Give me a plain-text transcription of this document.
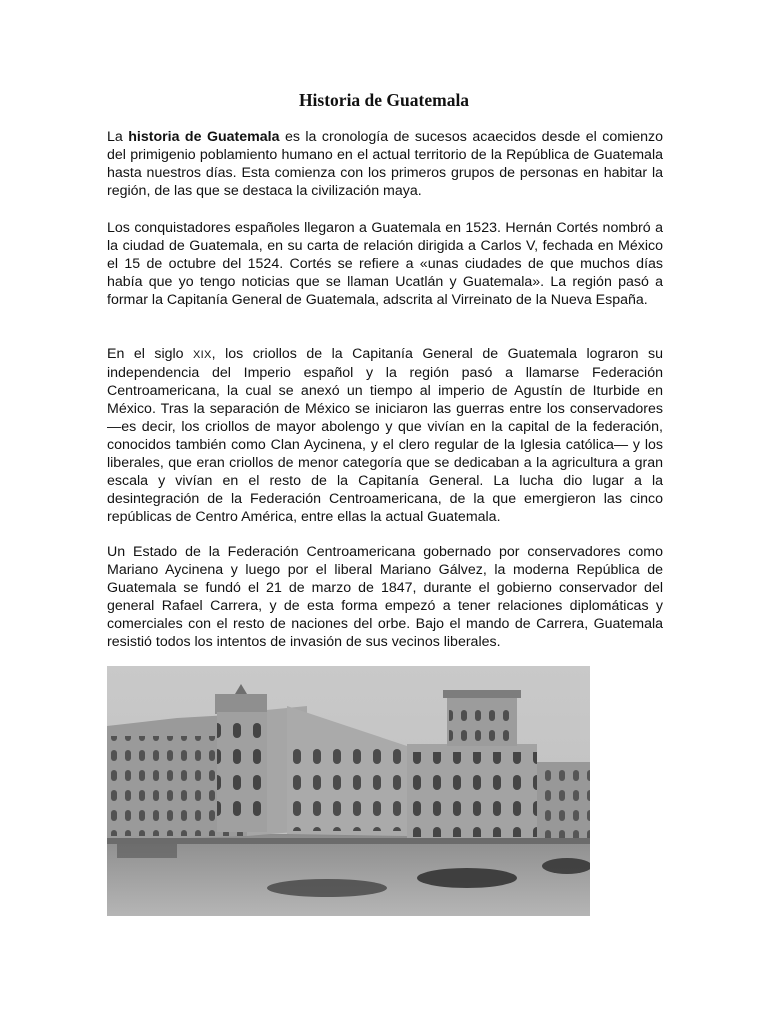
Historia de Guatemala

La historia de Guatemala es la cronología de sucesos acaecidos desde el comienzo del primigenio poblamiento humano en el actual territorio de la República de Guatemala hasta nuestros días. Esta comienza con los primeros grupos de personas en habitar la región, de las que se destaca la civilización maya.

Los conquistadores españoles llegaron a Guatemala en 1523. Hernán Cortés nombró a la ciudad de Guatemala, en su carta de relación dirigida a Carlos V, fechada en México el 15 de octubre del 1524. Cortés se refiere a «unas ciudades de que muchos días había que yo tengo noticias que se llaman Ucatlán y Guatemala». La región pasó a formar la Capitanía General de Guatemala, adscrita al Virreinato de la Nueva España.

En el siglo XIX, los criollos de la Capitanía General de Guatemala lograron su independencia del Imperio español y la región pasó a llamarse Federación Centroamericana, la cual se anexó un tiempo al imperio de Agustín de Iturbide en México. Tras la separación de México se iniciaron las guerras entre los conservadores —es decir, los criollos de mayor abolengo y que vivían en la capital de la federación, conocidos también como Clan Aycinena, y el clero regular de la Iglesia católica— y los liberales, que eran criollos de menor categoría que se dedicaban a la agricultura a gran escala y vivían en el resto de la Capitanía General. La lucha dio lugar a la desintegración de la Federación Centroamericana, de la que emergieron las cinco repúblicas de Centro América, entre ellas la actual Guatemala.

Un Estado de la Federación Centroamericana gobernado por conservadores como Mariano Aycinena y luego por el liberal Mariano Gálvez, la moderna República de Guatemala se fundó el 21 de marzo de 1847, durante el gobierno conservador del general Rafael Carrera, y de esta forma empezó a tener relaciones diplomáticas y comerciales con el resto de naciones del orbe. Bajo el mando de Carrera, Guatemala resistió todos los intentos de invasión de sus vecinos liberales.
